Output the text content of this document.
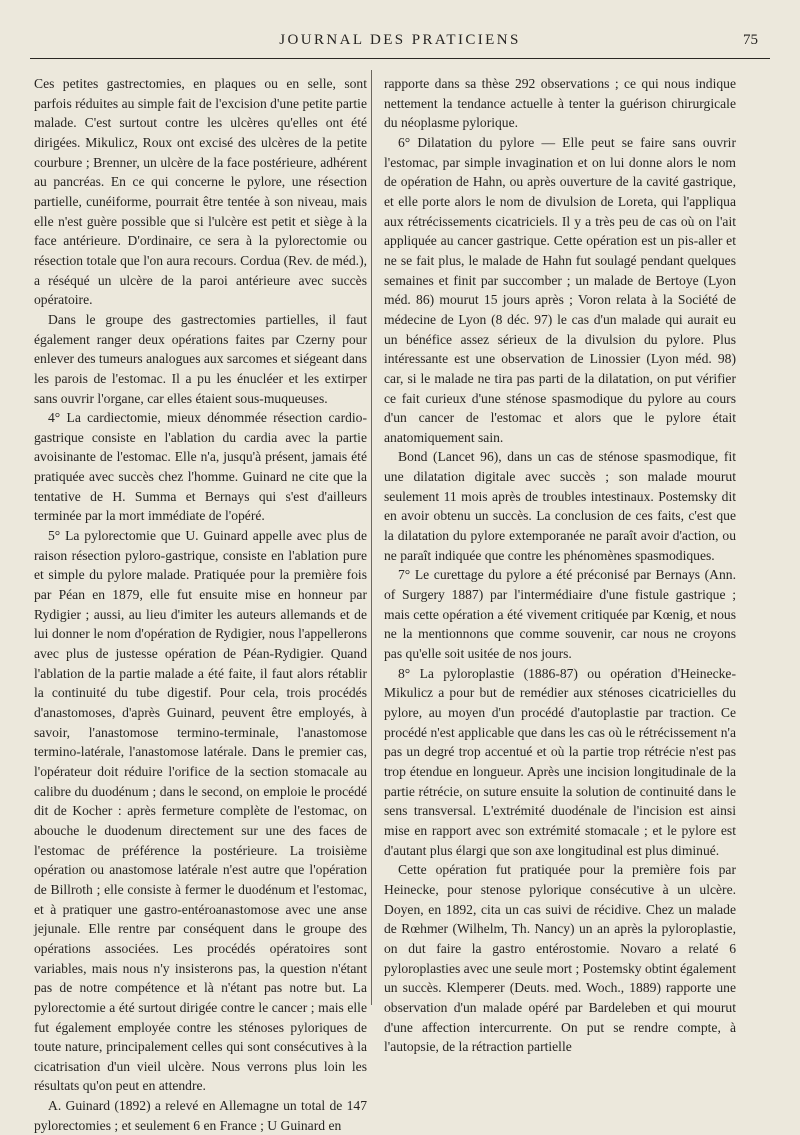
JOURNAL DES PRATICIENS	75

Ces petites gastrectomies, en plaques ou en selle, sont parfois réduites au simple fait de l'excision d'une petite partie malade. C'est surtout contre les ulcères qu'elles ont été dirigées. Mikulicz, Roux ont excisé des ulcères de la petite courbure ; Brenner, un ulcère de la face postérieure, adhérent au pancréas. En ce qui concerne le pylore, une résection partielle, cunéiforme, pourrait être tentée à son niveau, mais elle n'est guère possible que si l'ulcère est petit et siège à la face antérieure. D'ordinaire, ce sera à la pylorectomie ou résection totale que l'on aura recours. Cordua (Rev. de méd.), a réséqué un ulcère de la paroi antérieure avec succès opératoire.

Dans le groupe des gastrectomies partielles, il faut également ranger deux opérations faites par Czerny pour enlever des tumeurs analogues aux sarcomes et siégeant dans les parois de l'estomac. Il a pu les énucléer et les extirper sans ouvrir l'organe, car elles étaient sous-muqueuses.

4° La cardiectomie, mieux dénommée résection cardio-gastrique consiste en l'ablation du cardia avec la partie avoisinante de l'estomac. Elle n'a, jusqu'à présent, jamais été pratiquée avec succès chez l'homme. Guinard ne cite que la tentative de H. Summa et Bernays qui s'est d'ailleurs terminée par la mort immédiate de l'opéré.

5° La pylorectomie que U. Guinard appelle avec plus de raison résection pyloro-gastrique, consiste en l'ablation pure et simple du pylore malade. Pratiquée pour la première fois par Péan en 1879, elle fut ensuite mise en honneur par Rydigier ; aussi, au lieu d'imiter les auteurs allemands et de lui donner le nom d'opération de Rydigier, nous l'appellerons avec plus de justesse opération de Péan-Rydigier. Quand l'ablation de la partie malade a été faite, il faut alors rétablir la continuité du tube digestif. Pour cela, trois procédés d'anastomoses, d'après Guinard, peuvent être employés, à savoir, l'anastomose termino-terminale, l'anastomose termino-latérale, l'anastomose latérale. Dans le premier cas, l'opérateur doit réduire l'orifice de la section stomacale au calibre du duodénum ; dans le second, on emploie le procédé dit de Kocher : après fermeture complète de l'estomac, on abouche le duodenum directement sur une des faces de l'estomac de préférence la postérieure. La troisième opération ou anastomose latérale n'est autre que l'opération de Billroth ; elle consiste à fermer le duodénum et l'estomac, et à pratiquer une gastro-entéroanastomose avec une anse jejunale. Elle rentre par conséquent dans le groupe des opérations associées. Les procédés opératoires sont variables, mais nous n'y insisterons pas, la question n'étant pas de notre compétence et là n'étant pas notre but. La pylorectomie a été surtout dirigée contre le cancer ; mais elle fut également employée contre les sténoses pyloriques de toute nature, principalement celles qui sont consécutives à la cicatrisation d'un vieil ulcère. Nous verrons plus loin les résultats qu'on peut en attendre.

A. Guinard (1892) a relevé en Allemagne un total de 147 pylorectomies ; et seulement 6 en France ; U Guinard en

rapporte dans sa thèse 292 observations ; ce qui nous indique nettement la tendance actuelle à tenter la guérison chirurgicale du néoplasme pylorique.

6° Dilatation du pylore — Elle peut se faire sans ouvrir l'estomac, par simple invagination et on lui donne alors le nom de opération de Hahn, ou après ouverture de la cavité gastrique, et elle porte alors le nom de divulsion de Loreta, qui l'appliqua aux rétrécissements cicatriciels. Il y a très peu de cas où on l'ait appliquée au cancer gastrique. Cette opération est un pis-aller et ne se fait plus, le malade de Hahn fut soulagé pendant quelques semaines et finit par succomber ; un malade de Bertoye (Lyon méd. 86) mourut 15 jours après ; Voron relata à la Société de médecine de Lyon (8 déc. 97) le cas d'un malade qui aurait eu un bénéfice assez sérieux de la divulsion du pylore. Plus intéressante est une observation de Linossier (Lyon méd. 98) car, si le malade ne tira pas parti de la dilatation, on put vérifier ce fait curieux d'une sténose spasmodique du pylore au cours d'un cancer de l'estomac et alors que le pylore était anatomiquement sain.

Bond (Lancet 96), dans un cas de sténose spasmodique, fit une dilatation digitale avec succès ; son malade mourut seulement 11 mois après de troubles intestinaux. Postemsky dit en avoir obtenu un succès. La conclusion de ces faits, c'est que la dilatation du pylore extemporanée ne paraît avoir d'action, ou ne paraît indiquée que contre les phénomènes spasmodiques.

7° Le curettage du pylore a été préconisé par Bernays (Ann. of Surgery 1887) par l'intermédiaire d'une fistule gastrique ; mais cette opération a été vivement critiquée par Kœnig, et nous ne la mentionnons que comme souvenir, car nous ne croyons pas qu'elle soit usitée de nos jours.

8° La pyloroplastie (1886-87) ou opération d'Heinecke-Mikulicz a pour but de remédier aux sténoses cicatricielles du pylore, au moyen d'un procédé d'autoplastie par traction. Ce procédé n'est applicable que dans les cas où le rétrécissement n'a pas un degré trop accentué et où la partie trop rétrécie n'est pas trop étendue en longueur. Après une incision longitudinale de la partie rétrécie, on suture ensuite la solution de continuité dans le sens transversal. L'extrémité duodénale de l'incision est ainsi mise en rapport avec son extrémité stomacale ; et le pylore est d'autant plus élargi que son axe longitudinal est plus diminué.

Cette opération fut pratiquée pour la première fois par Heinecke, pour stenose pylorique consécutive à un ulcère. Doyen, en 1892, cita un cas suivi de récidive. Chez un malade de Rœhmer (Wilhelm, Th. Nancy) un an après la pyloroplastie, on dut faire la gastro entérostomie. Novaro a relaté 6 pyloroplasties avec une seule mort ; Postemsky obtint également un succès. Klemperer (Deuts. med. Woch., 1889) rapporte une observation d'un malade opéré par Bardeleben et qui mourut d'une affection intercurrente. On put se rendre compte, à l'autopsie, de la rétraction partielle
